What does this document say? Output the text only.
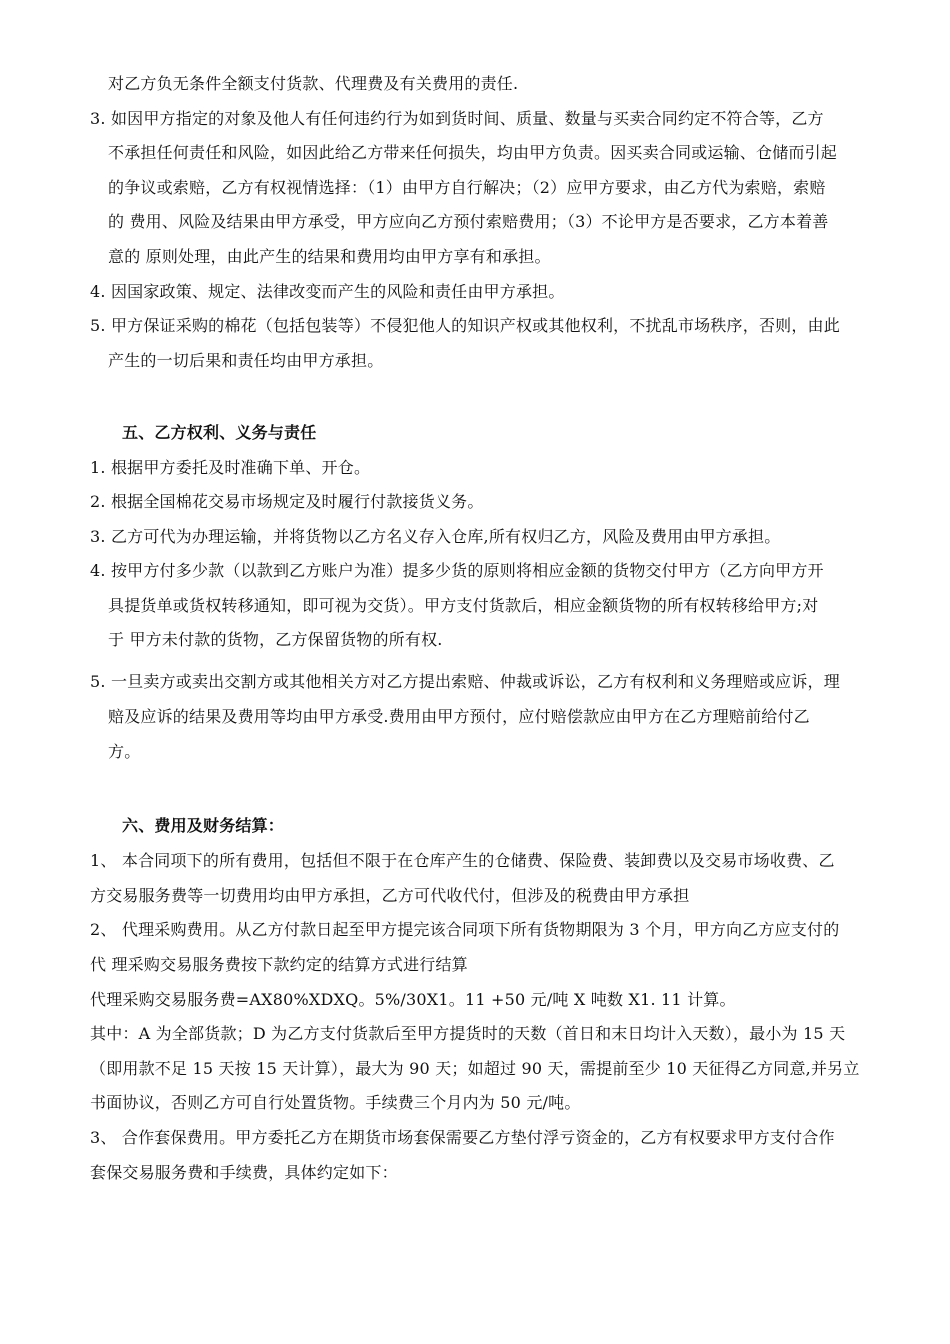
对乙方负无条件全额支付货款、代理费及有关费用的责任.
3. 如因甲方指定的对象及他人有任何违约行为如到货时间、质量、数量与买卖合同约定不符合等，乙方
不承担任何责任和风险，如因此给乙方带来任何损失，均由甲方负责。因买卖合同或运输、仓储而引起
的争议或索赔，乙方有权视情选择：（1）由甲方自行解决；（2）应甲方要求，由乙方代为索赔，索赔
的 费用、风险及结果由甲方承受，甲方应向乙方预付索赔费用；（3）不论甲方是否要求，乙方本着善
意的 原则处理，由此产生的结果和费用均由甲方享有和承担。
4. 因国家政策、规定、法律改变而产生的风险和责任由甲方承担。
5. 甲方保证采购的棉花（包括包装等）不侵犯他人的知识产权或其他权利，不扰乱市场秩序，否则，由此
产生的一切后果和责任均由甲方承担。
五、乙方权利、义务与责任
1. 根据甲方委托及时准确下单、开仓。
2. 根据全国棉花交易市场规定及时履行付款接货义务。
3. 乙方可代为办理运输，并将货物以乙方名义存入仓库,所有权归乙方，风险及费用由甲方承担。
4. 按甲方付多少款（以款到乙方账户为准）提多少货的原则将相应金额的货物交付甲方（乙方向甲方开
具提货单或货权转移通知，即可视为交货）。甲方支付货款后，相应金额货物的所有权转移给甲方;对
于 甲方未付款的货物，乙方保留货物的所有权.
5. 一旦卖方或卖出交割方或其他相关方对乙方提出索赔、仲裁或诉讼，乙方有权利和义务理赔或应诉，理
赔及应诉的结果及费用等均由甲方承受.费用由甲方预付，应付赔偿款应由甲方在乙方理赔前给付乙
方。
六、费用及财务结算：
1、 本合同项下的所有费用，包括但不限于在仓库产生的仓储费、保险费、装卸费以及交易市场收费、乙
方交易服务费等一切费用均由甲方承担，乙方可代收代付，但涉及的税费由甲方承担
2、 代理采购费用。从乙方付款日起至甲方提完该合同项下所有货物期限为 3 个月，甲方向乙方应支付的
代 理采购交易服务费按下款约定的结算方式进行结算
代理采购交易服务费=AX80%XDXQ。5%/30X1。11 +50 元/吨 X 吨数 X1. 11 计算。
其中：A 为全部货款；D 为乙方支付货款后至甲方提货时的天数（首日和末日均计入天数），最小为 15 天
（即用款不足 15 天按 15 天计算），最大为 90 天；如超过 90 天，需提前至少 10 天征得乙方同意,并另立
书面协议，否则乙方可自行处置货物。手续费三个月内为 50 元/吨。
3、 合作套保费用。甲方委托乙方在期货市场套保需要乙方垫付浮亏资金的，乙方有权要求甲方支付合作
套保交易服务费和手续费，具体约定如下：
